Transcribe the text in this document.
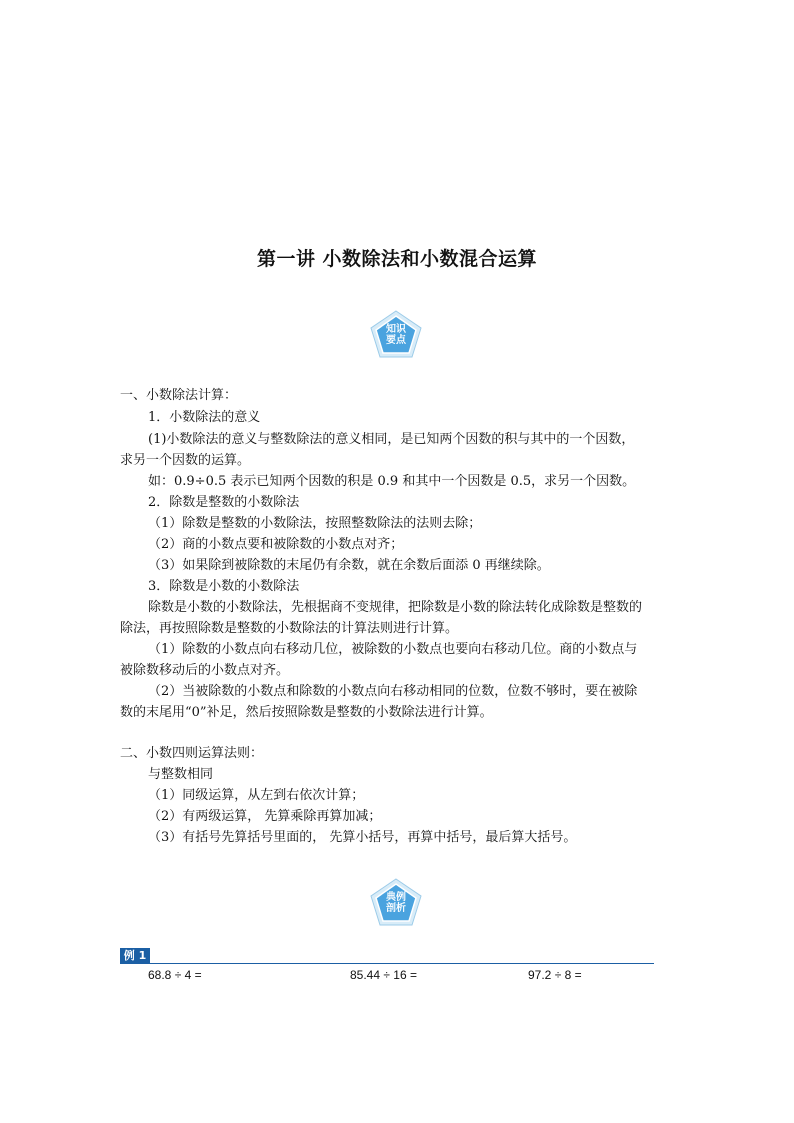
第一讲 小数除法和小数混合运算
知识
要点
一、小数除法计算：
1．小数除法的意义
(1)小数除法的意义与整数除法的意义相同，是已知两个因数的积与其中的一个因数，
求另一个因数的运算。
如：0.9÷0.5 表示已知两个因数的积是 0.9 和其中一个因数是 0.5，求另一个因数。
2．除数是整数的小数除法
（1）除数是整数的小数除法，按照整数除法的法则去除；
（2）商的小数点要和被除数的小数点对齐；
（3）如果除到被除数的末尾仍有余数，就在余数后面添 0 再继续除。
3．除数是小数的小数除法
除数是小数的小数除法，先根据商不变规律，把除数是小数的除法转化成除数是整数的
除法，再按照除数是整数的小数除法的计算法则进行计算。
（1）除数的小数点向右移动几位，被除数的小数点也要向右移动几位。商的小数点与
被除数移动后的小数点对齐。
（2）当被除数的小数点和除数的小数点向右移动相同的位数，位数不够时，要在被除
数的末尾用“0”补足，然后按照除数是整数的小数除法进行计算。
二、小数四则运算法则：
与整数相同
（1）同级运算，从左到右依次计算；
（2）有两级运算， 先算乘除再算加减；
（3）有括号先算括号里面的， 先算小括号，再算中括号，最后算大括号。
典例
剖析
例 1
68.8 ÷ 4 =	85.44 ÷ 16 =	97.2 ÷ 8 =
